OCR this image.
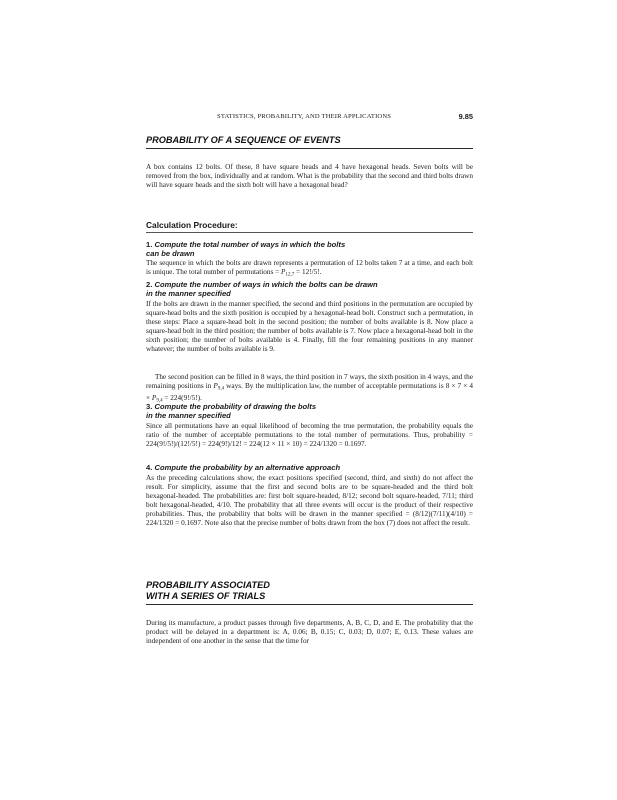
STATISTICS, PROBABILITY, AND THEIR APPLICATIONS	9.85
PROBABILITY OF A SEQUENCE OF EVENTS

A box contains 12 bolts. Of these, 8 have square heads and 4 have hexagonal heads. Seven bolts will be removed from the box, individually and at random. What is the probability that the second and third bolts drawn will have square heads and the sixth bolt will have a hexagonal head?

Calculation Procedure:
1. Compute the total number of ways in which the bolts
can be drawn

The sequence in which the bolts are drawn represents a permutation of 12 bolts taken 7 at a time, and each bolt is unique. The total number of permutations = $P_{12,7} = 12!/5$!.

2. Compute the number of ways in which the bolts can be drawn
in the manner specified

If the bolts are drawn in the manner specified, the second and third positions in the permutation are occupied by square-head bolts and the sixth position is occupied by a hexagonal-head bolt. Construct such a permutation, in these steps: Place a square-head bolt in the second position; the number of bolts available is 8. Now place a square-head bolt in the third position; the number of bolts available is 7. Now place a hexagonal-head bolt in the sixth position; the number of bolts available is 4. Finally, fill the four remaining positions in any manner whatever; the number of bolts available is 9.

The second position can be filled in 8 ways, the third position in 7 ways, the sixth position in 4 ways, and the remaining positions in $P_{9,4}$ ways. By the multiplication law, the number of acceptable permutations is $8 \times 7 \times 4 \times P_{9,4} = 224(9!/5!)$.

3. Compute the probability of drawing the bolts
in the manner specified

Since all permutations have an equal likelihood of becoming the true permutation, the probability equals the ratio of the number of acceptable permutations to the total number of permutations. Thus, probability = 224(9!/5!)/(12!/5!) = 224(9!)/12! = 224(12 × 11 × 10) = 224/1320 = 0.1697.

4. Compute the probability by an alternative approach

As the preceding calculations show, the exact positions specified (second, third, and sixth) do not affect the result. For simplicity, assume that the first and second bolts are to be square-headed and the third bolt hexagonal-headed. The probabilities are: first bolt square-headed, 8/12; second bolt square-headed, 7/11; third bolt hexagonal-headed, 4/10. The probability that all three events will occur is the product of their respective probabilities. Thus, the probability that bolts will be drawn in the manner specified = (8/12)(7/11)(4/10) = 224/1320 = 0.1697. Note also that the precise number of bolts drawn from the box (7) does not affect the result.

PROBABILITY ASSOCIATED
WITH A SERIES OF TRIALS

During its manufacture, a product passes through five departments, A, B, C, D, and E. The probability that the product will be delayed in a department is: A, 0.06; B, 0.15; C, 0.03; D, 0.07; E, 0.13. These values are independent of one another in the sense that the time for
